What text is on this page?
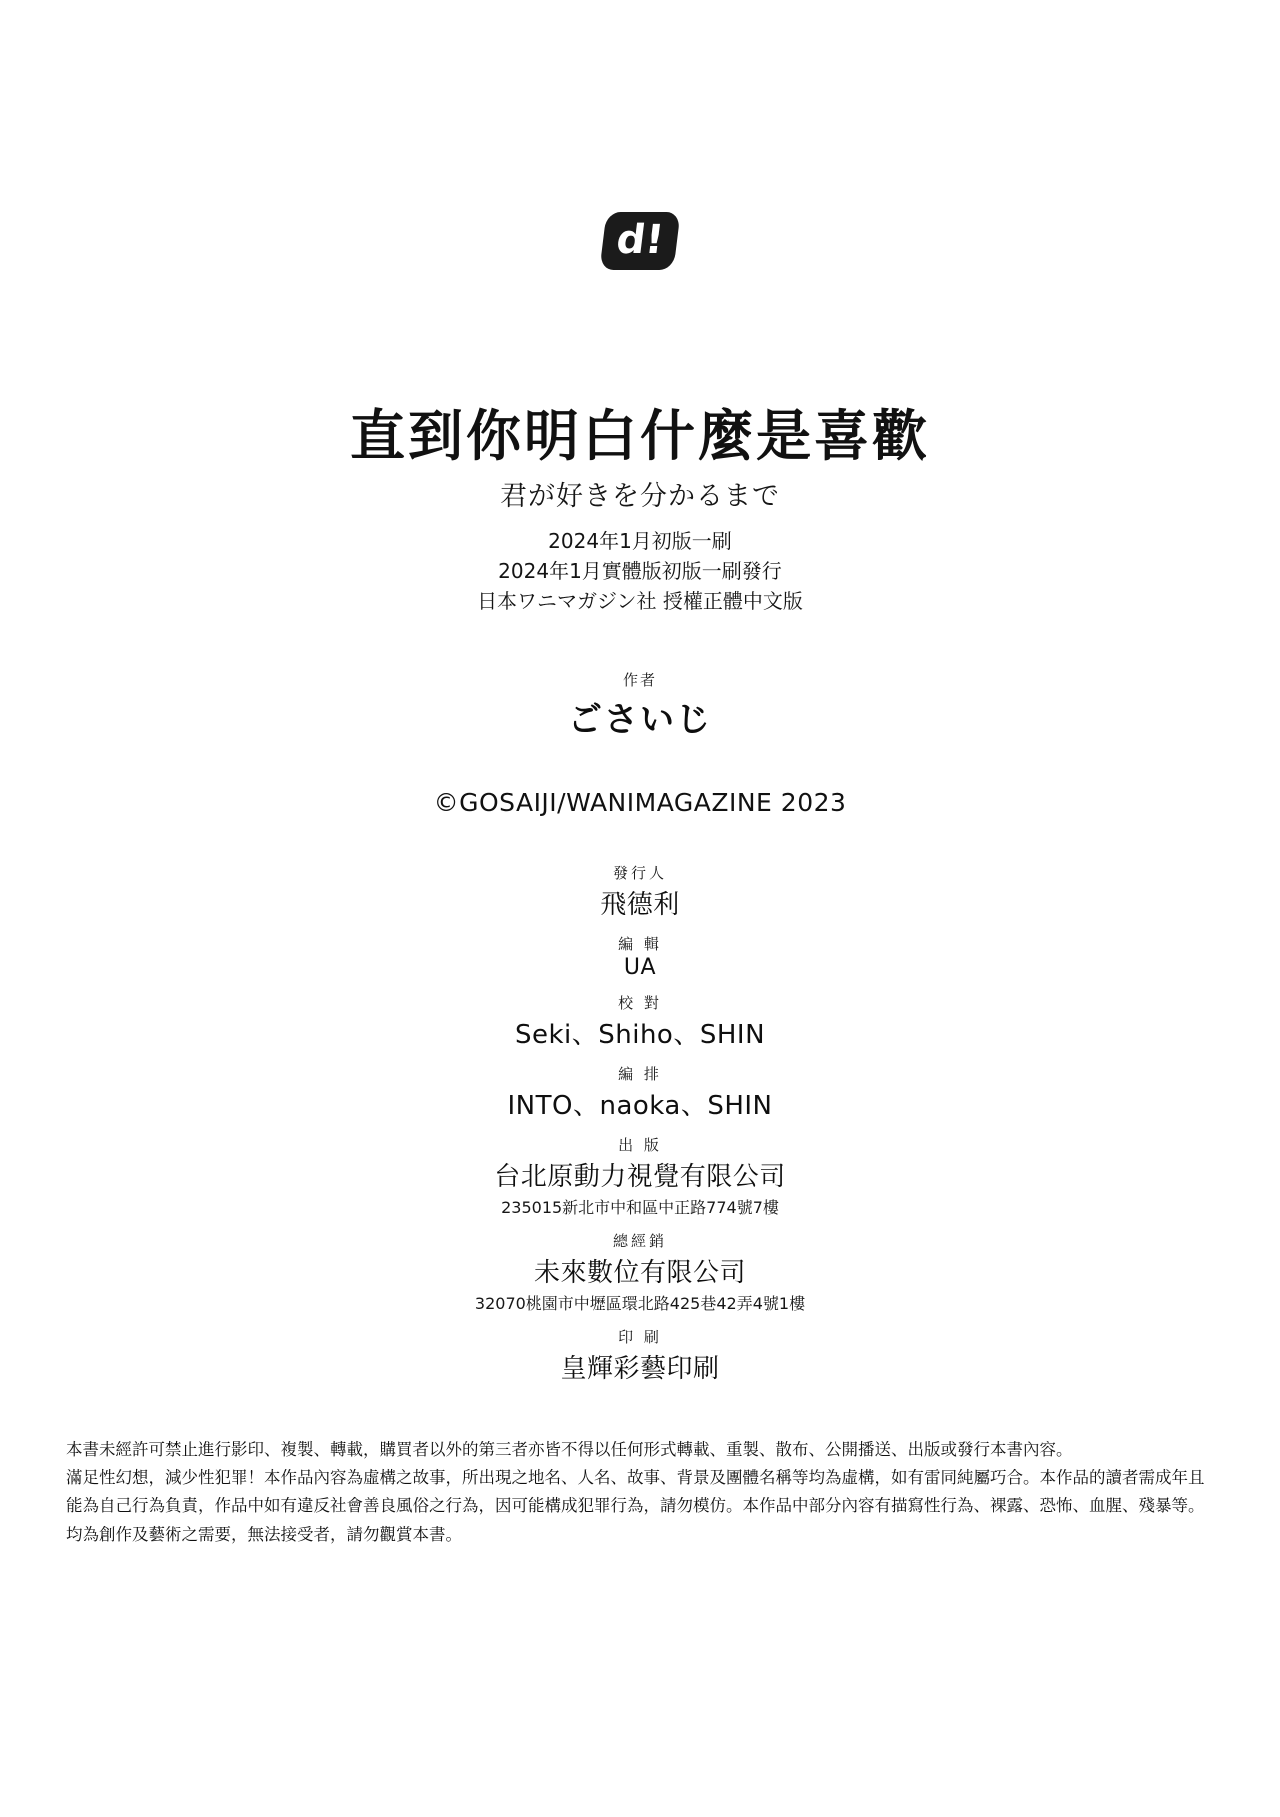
d!
直到你明白什麼是喜歡
君が好きを分かるまで
2024年1月初版一刷
2024年1月實體版初版一刷發行
日本ワニマガジン社 授權正體中文版
作者
ごさいじ
©GOSAIJI/WANIMAGAZINE 2023
發行人
飛德利
編 輯
UA
校 對
Seki、Shiho、SHIN
編 排
INTO、naoka、SHIN
出 版
台北原動力視覺有限公司
235015新北市中和區中正路774號7樓
總經銷
未來數位有限公司
32070桃園市中壢區環北路425巷42弄4號1樓
印 刷
皇輝彩藝印刷

本書未經許可禁止進行影印、複製、轉載，購買者以外的第三者亦皆不得以任何形式轉載、重製、散布、公開播送、出版或發行本書內容。

滿足性幻想，減少性犯罪！本作品內容為虛構之故事，所出現之地名、人名、故事、背景及團體名稱等均為虛構，如有雷同純屬巧合。本作品的讀者需成年且能為自己行為負責，作品中如有違反社會善良風俗之行為，因可能構成犯罪行為，請勿模仿。本作品中部分內容有描寫性行為、裸露、恐怖、血腥、殘暴等。均為創作及藝術之需要，無法接受者，請勿觀賞本書。
